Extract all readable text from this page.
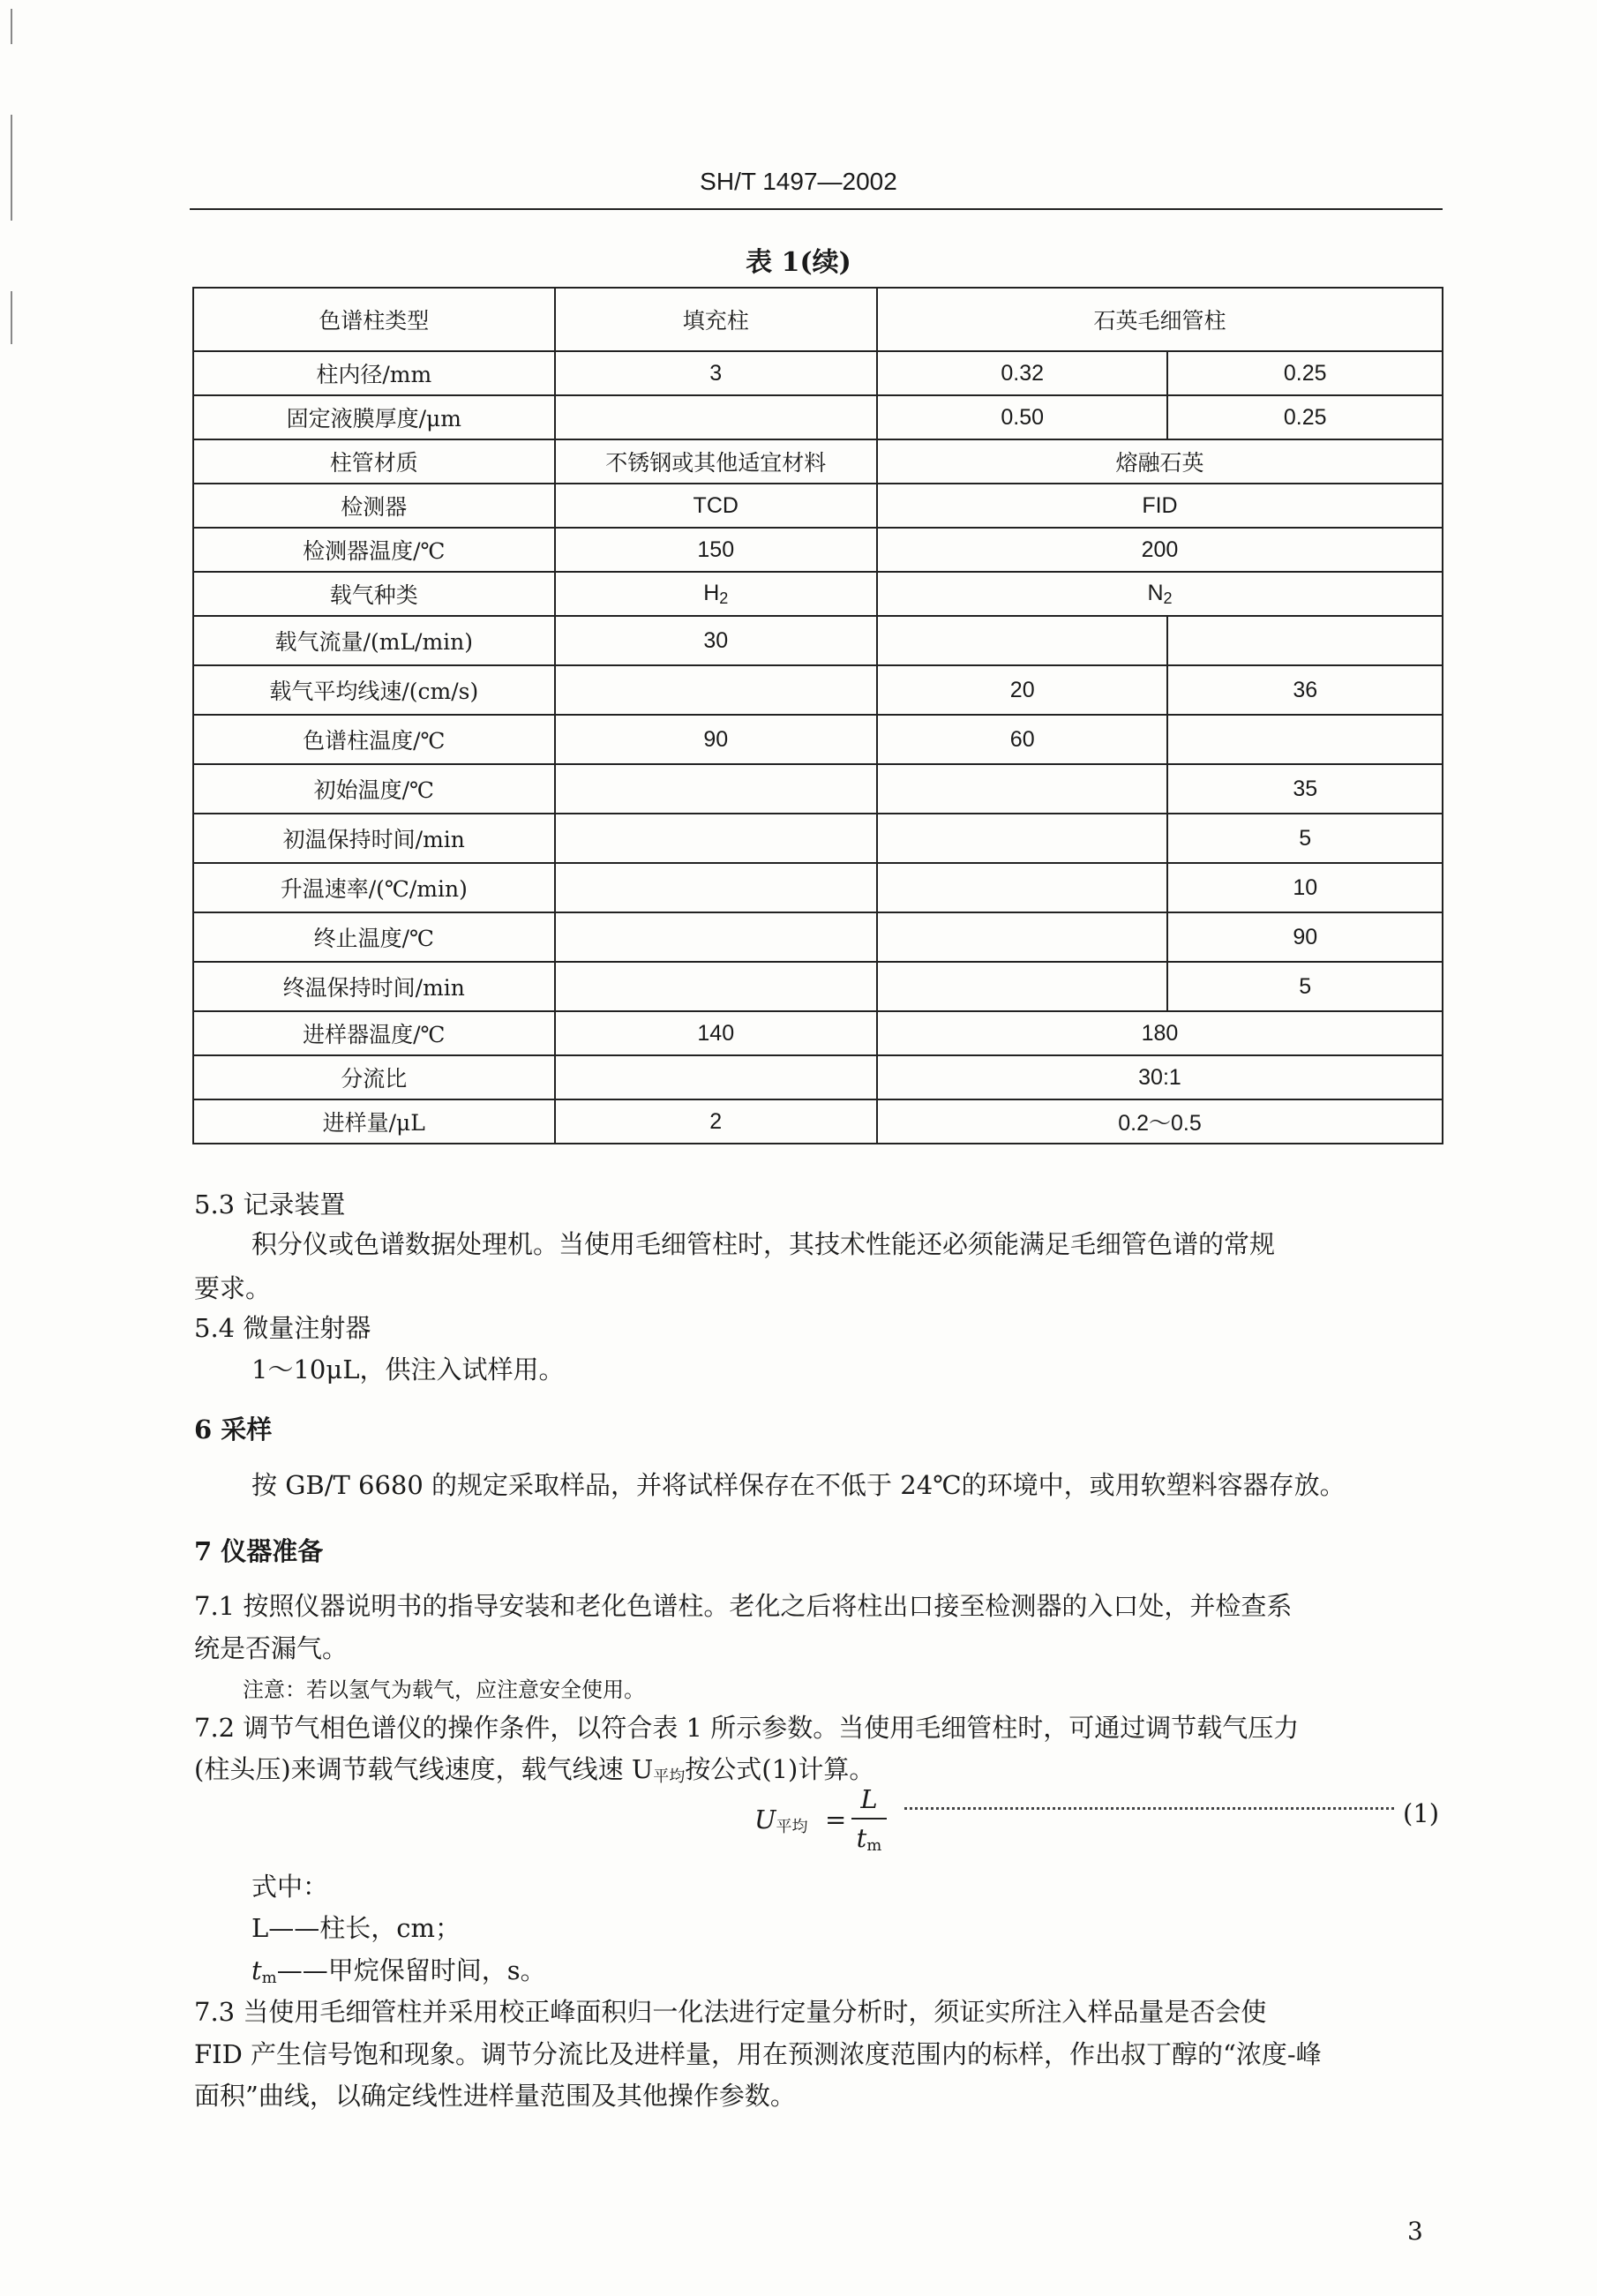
SH/T 1497—2002
表 1(续)
色谱柱类型	填充柱	石英毛细管柱	
柱内径/mm	3	0.32	0.25
固定液膜厚度/μm		0.50	0.25
柱管材质	不锈钢或其他适宜材料	熔融石英	
检测器	TCD	FID	
检测器温度/℃	150	200	
载气种类	$H_2$	$N_2$
载气流量/(mL/min)	30		
载气平均线速/(cm/s)		20	36
色谱柱温度/℃	90	60	
初始温度/℃			35
初温保持时间/min			5
升温速率/(℃/min)			10
终止温度/℃			90
终温保持时间/min			5
进样器温度/℃	140	180	
分流比		30:1	
进样量/μL	2	0.2～0.5	
5.3 记录装置
积分仪或色谱数据处理机。当使用毛细管柱时，其技术性能还必须能满足毛细管色谱的常规
要求。
5.4 微量注射器
1～10μL，供注入试样用。
6 采样
按 GB/T 6680 的规定采取样品，并将试样保存在不低于 24℃的环境中，或用软塑料容器存放。
7 仪器准备
7.1 按照仪器说明书的指导安装和老化色谱柱。老化之后将柱出口接至检测器的入口处，并检查系
统是否漏气。
注意：若以氢气为载气，应注意安全使用。
7.2 调节气相色谱仪的操作条件，以符合表 1 所示参数。当使用毛细管柱时，可通过调节载气压力
(柱头压)来调节载气线速度，载气线速 $U_{平均}$按公式(1)计算。
$U_{平均}$ =
L
$t_m$
(1)
式中：
L——柱长，cm；
$t_m——$甲烷保留时间，s。
7.3 当使用毛细管柱并采用校正峰面积归一化法进行定量分析时，须证实所注入样品量是否会使
FID 产生信号饱和现象。调节分流比及进样量，用在预测浓度范围内的标样，作出叔丁醇的“浓度-峰
面积”曲线，以确定线性进样量范围及其他操作参数。
3
